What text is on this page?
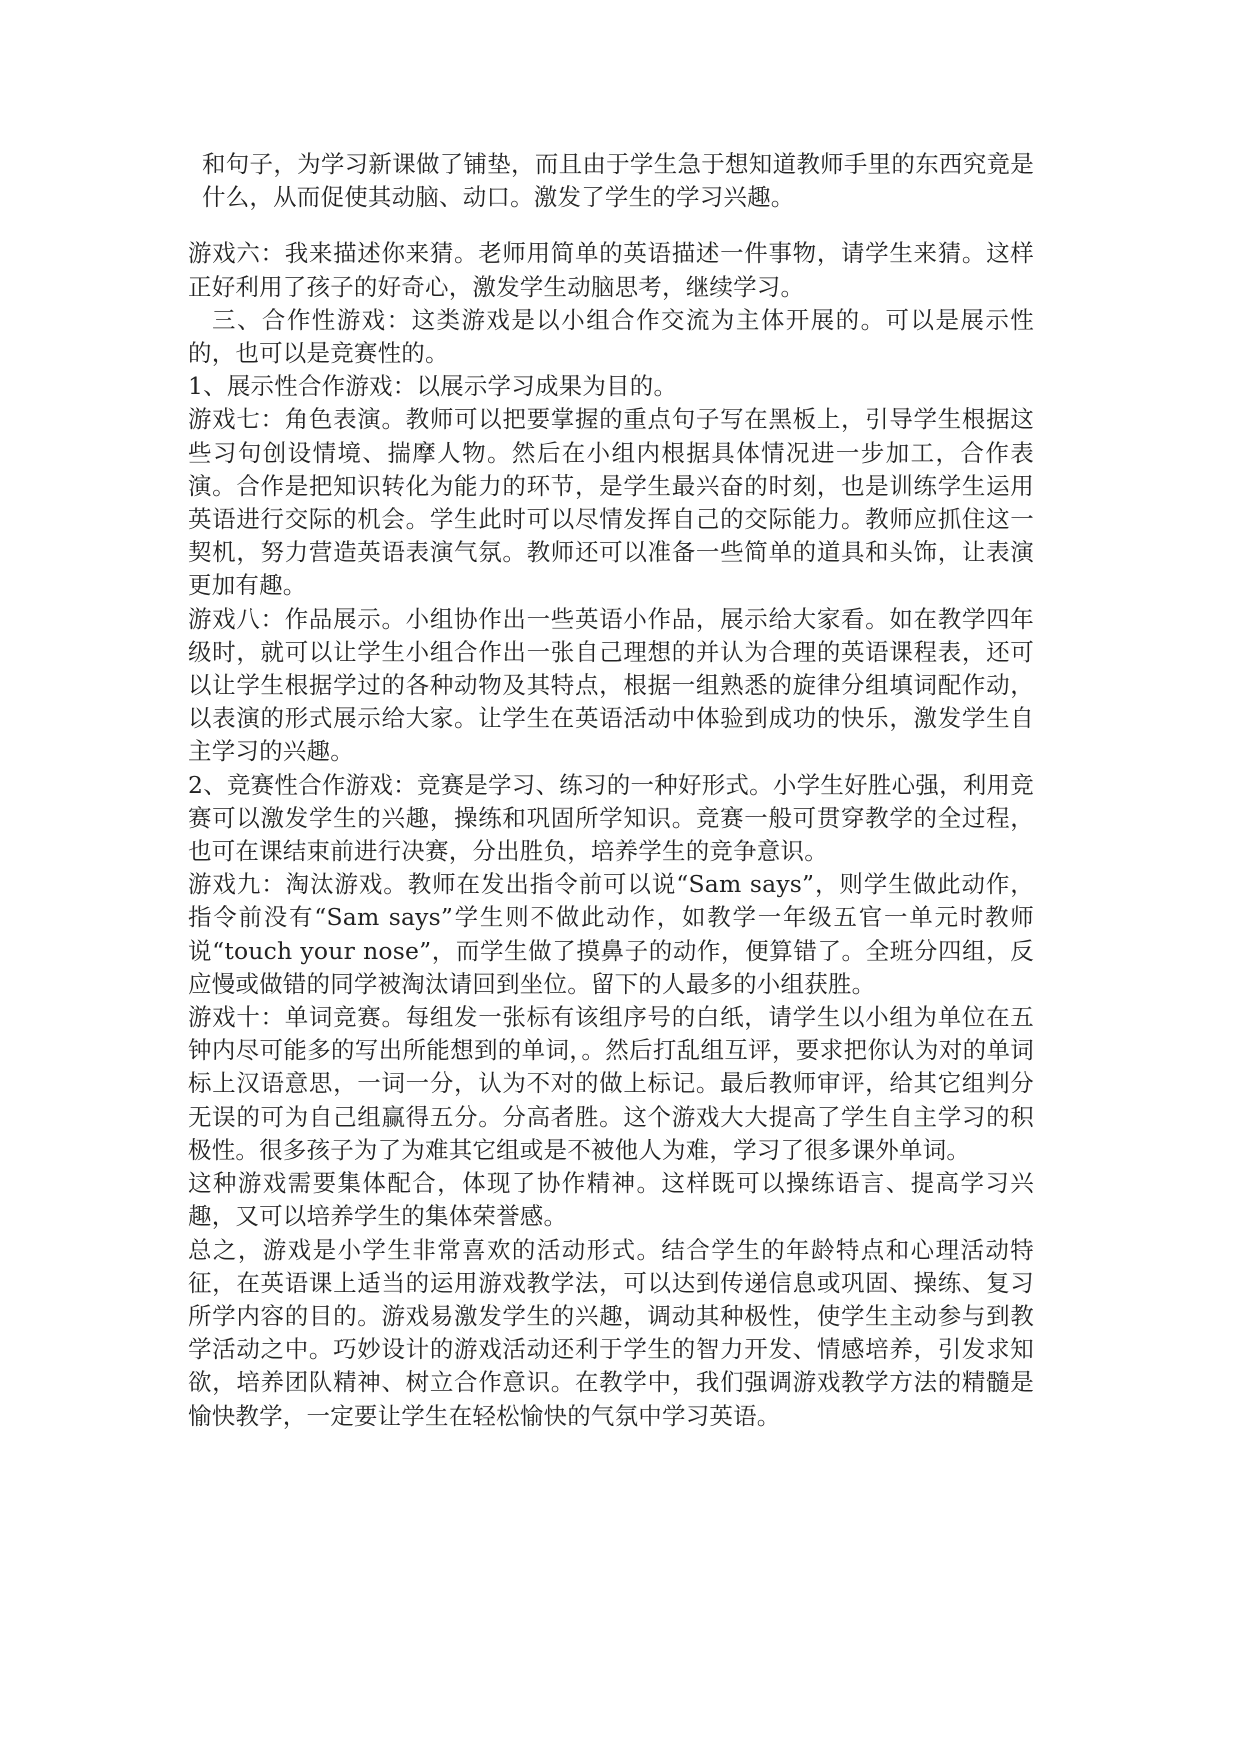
和句子，为学习新课做了铺垫，而且由于学生急于想知道教师手里的东西究竟是什么，从而促使其动脑、动口。激发了学生的学习兴趣。

游戏六：我来描述你来猜。老师用简单的英语描述一件事物，请学生来猜。这样正好利用了孩子的好奇心，激发学生动脑思考，继续学习。

三、合作性游戏：这类游戏是以小组合作交流为主体开展的。可以是展示性的，也可以是竞赛性的。

1、展示性合作游戏：以展示学习成果为目的。

游戏七：角色表演。教师可以把要掌握的重点句子写在黑板上，引导学生根据这些习句创设情境、揣摩人物。然后在小组内根据具体情况进一步加工，合作表演。合作是把知识转化为能力的环节，是学生最兴奋的时刻，也是训练学生运用英语进行交际的机会。学生此时可以尽情发挥自己的交际能力。教师应抓住这一契机，努力营造英语表演气氛。教师还可以准备一些简单的道具和头饰，让表演更加有趣。

游戏八：作品展示。小组协作出一些英语小作品，展示给大家看。如在教学四年级时，就可以让学生小组合作出一张自己理想的并认为合理的英语课程表，还可以让学生根据学过的各种动物及其特点，根据一组熟悉的旋律分组填词配作动，以表演的形式展示给大家。让学生在英语活动中体验到成功的快乐，激发学生自主学习的兴趣。

2、竞赛性合作游戏：竞赛是学习、练习的一种好形式。小学生好胜心强，利用竞赛可以激发学生的兴趣，操练和巩固所学知识。竞赛一般可贯穿教学的全过程，也可在课结束前进行决赛，分出胜负，培养学生的竞争意识。

游戏九：淘汰游戏。教师在发出指令前可以说“Sam says”，则学生做此动作，指令前没有“Sam says”学生则不做此动作，如教学一年级五官一单元时教师说“touch your nose”，而学生做了摸鼻子的动作，便算错了。全班分四组，反应慢或做错的同学被淘汰请回到坐位。留下的人最多的小组获胜。

游戏十：单词竞赛。每组发一张标有该组序号的白纸，请学生以小组为单位在五钟内尽可能多的写出所能想到的单词，。然后打乱组互评，要求把你认为对的单词标上汉语意思，一词一分，认为不对的做上标记。最后教师审评，给其它组判分无误的可为自己组赢得五分。分高者胜。这个游戏大大提高了学生自主学习的积极性。很多孩子为了为难其它组或是不被他人为难，学习了很多课外单词。

这种游戏需要集体配合，体现了协作精神。这样既可以操练语言、提高学习兴趣，又可以培养学生的集体荣誉感。

总之，游戏是小学生非常喜欢的活动形式。结合学生的年龄特点和心理活动特征，在英语课上适当的运用游戏教学法，可以达到传递信息或巩固、操练、复习所学内容的目的。游戏易激发学生的兴趣，调动其种极性，使学生主动参与到教学活动之中。巧妙设计的游戏活动还利于学生的智力开发、情感培养，引发求知欲，培养团队精神、树立合作意识。在教学中，我们强调游戏教学方法的精髓是愉快教学，一定要让学生在轻松愉快的气氛中学习英语。
